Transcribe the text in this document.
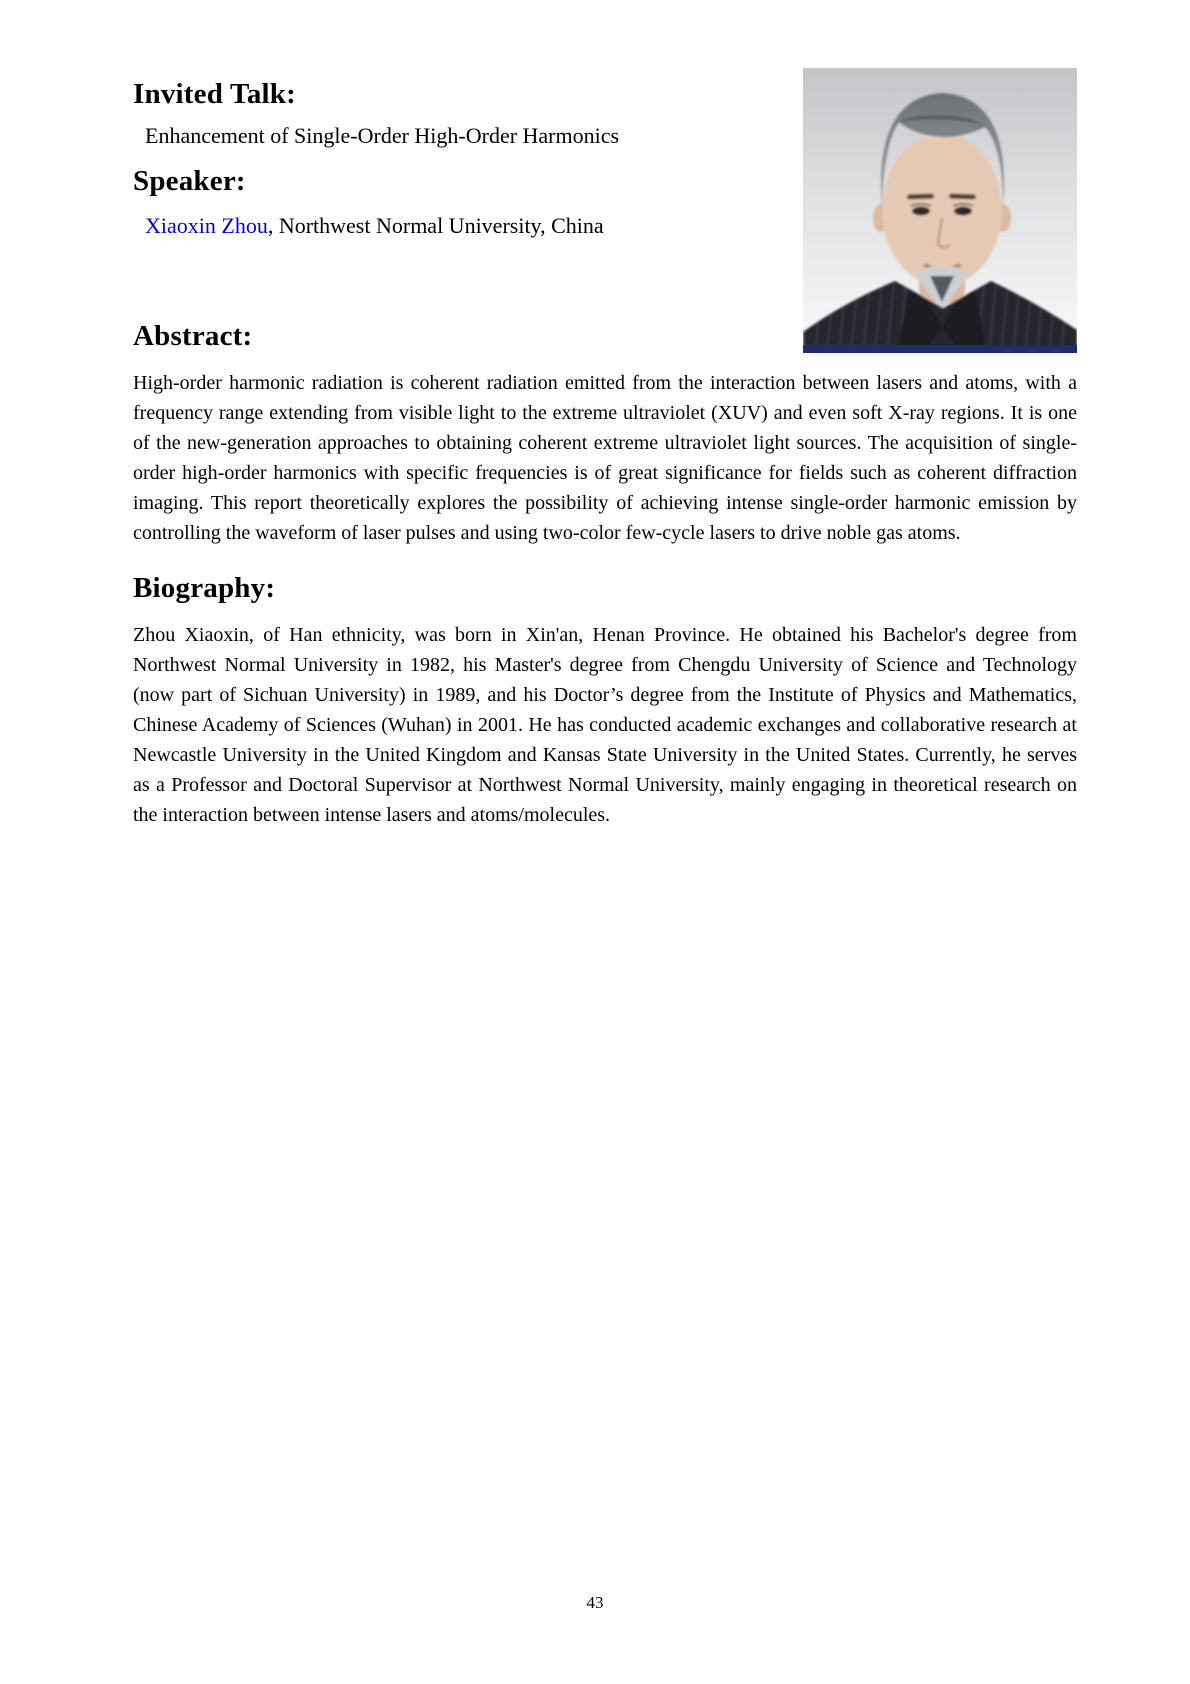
Invited Talk:

Enhancement of Single-Order High-Order Harmonics

Speaker:

Xiaoxin Zhou, Northwest Normal University, China

Abstract:

High-order harmonic radiation is coherent radiation emitted from the interaction between lasers and atoms, with a frequency range extending from visible light to the extreme ultraviolet (XUV) and even soft X-ray regions. It is one of the new-generation approaches to obtaining coherent extreme ultraviolet light sources. The acquisition of single-order high-order harmonics with specific frequencies is of great significance for fields such as coherent diffraction imaging. This report theoretically explores the possibility of achieving intense single-order harmonic emission by controlling the waveform of laser pulses and using two-color few-cycle lasers to drive noble gas atoms.

Biography:

Zhou Xiaoxin, of Han ethnicity, was born in Xin'an, Henan Province. He obtained his Bachelor's degree from Northwest Normal University in 1982, his Master's degree from Chengdu University of Science and Technology (now part of Sichuan University) in 1989, and his Doctor’s degree from the Institute of Physics and Mathematics, Chinese Academy of Sciences (Wuhan) in 2001. He has conducted academic exchanges and collaborative research at Newcastle University in the United Kingdom and Kansas State University in the United States. Currently, he serves as a Professor and Doctoral Supervisor at Northwest Normal University, mainly engaging in theoretical research on the interaction between intense lasers and atoms/molecules.

43
